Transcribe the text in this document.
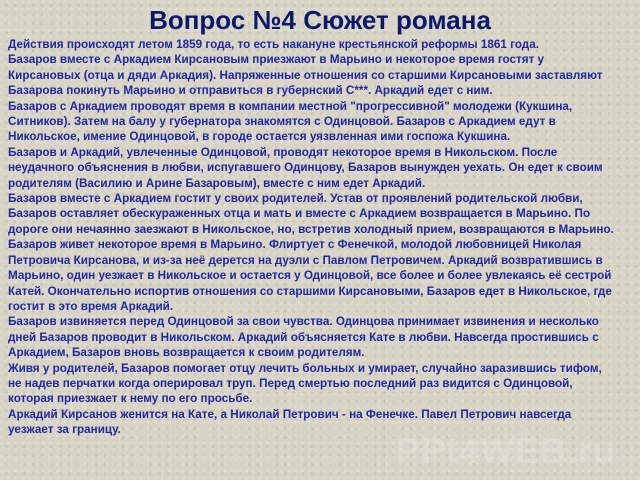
Вопрос №4 Сюжет романа

Действия происходят летом 1859 года, то есть накануне крестьянской реформы 1861 года.

Базаров вместе с Аркадием Кирсановым приезжают в Марьино и некоторое время гостят у Кирсановых (отца и дяди Аркадия). Напряженные отношения со старшими Кирсановыми заставляют Базарова покинуть Марьино и отправиться в губернский С***. Аркадий едет с ним.

Базаров с Аркадием проводят время в компании местной "прогрессивной" молодежи (Кукшина, Ситников). Затем на балу у губернатора знакомятся с Одинцовой. Базаров с Аркадием едут в Никольское, имение Одинцовой, в городе остается уязвленная ими госпожа Кукшина.

Базаров и Аркадий, увлеченные Одинцовой, проводят некоторое время в Никольском. После неудачного объяснения в любви, испугавшего Одинцову, Базаров вынужден уехать. Он едет к своим родителям (Василию и Арине Базаровым), вместе с ним едет Аркадий.

Базаров вместе с Аркадием гостит у своих родителей. Устав от проявлений родительской любви, Базаров оставляет обескураженных отца и мать и вместе с Аркадием возвращается в Марьино. По дороге они нечаянно заезжают в Никольское, но, встретив холодный прием, возвращаются в Марьино.

Базаров живет некоторое время в Марьино. Флиртует с Фенечкой, молодой любовницей Николая Петровича Кирсанова, и из-за неё дерется на дуэли с Павлом Петровичем. Аркадий возвратившись в Марьино, один уезжает в Никольское и остается у Одинцовой, все более и более увлекаясь её сестрой Катей. Окончательно испортив отношения со старшими Кирсановыми, Базаров едет в Никольское, где гостит в это время Аркадий.

Базаров извиняется перед Одинцовой за свои чувства. Одинцова принимает извинения и несколько дней Базаров проводит в Никольском. Аркадий объясняется Кате в любви. Навсегда простившись с Аркадием, Базаров вновь возвращается к своим родителям.

Живя у родителей, Базаров помогает отцу лечить больных и умирает, случайно заразившись тифом, не надев перчатки когда оперировал труп. Перед смертью последний раз видится с Одинцовой, которая приезжает к нему по его просьбе.

Аркадий Кирсанов женится на Кате, а Николай Петрович - на Фенечке. Павел Петрович навсегда уезжает за границу.

PPt4WEB.ru
